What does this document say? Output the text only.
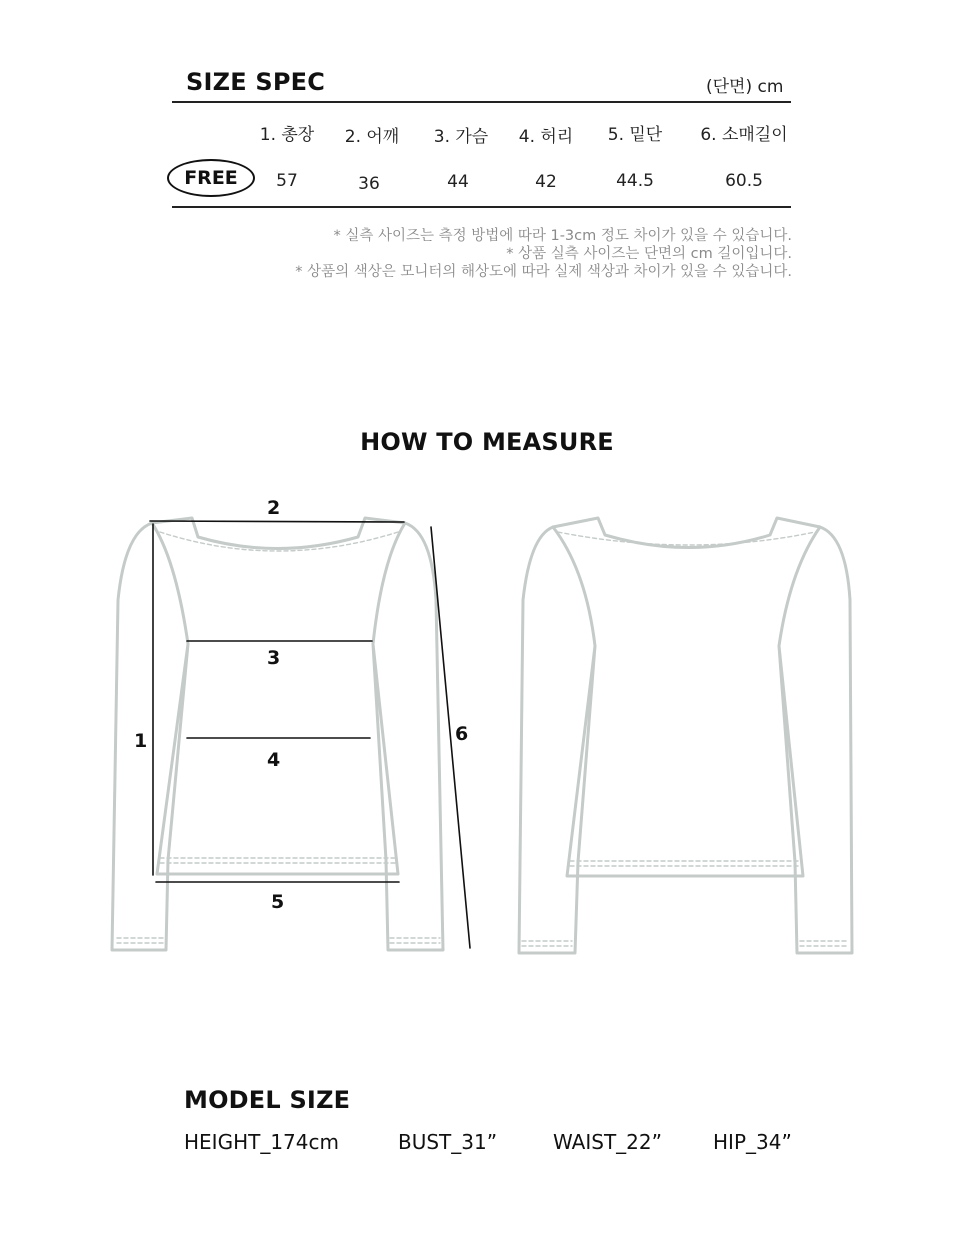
SIZE SPEC	(단면) cm
1. 총장 2. 어깨 3. 가슴 4. 허리 5. 밑단 6. 소매길이
FREE	57	36	44	42	44.5	60.5
* 실측 사이즈는 측정 방법에 따라 1-3cm 정도 차이가 있을 수 있습니다.
* 상품 실측 사이즈는 단면의 cm 길이입니다.
* 상품의 색상은 모니터의 해상도에 따라 실제 색상과 차이가 있을 수 있습니다.
HOW TO MEASURE
2
1
3
4
5
6
MODEL SIZE
HEIGHT_174cm	BUST_31”	WAIST_22”	HIP_34”
